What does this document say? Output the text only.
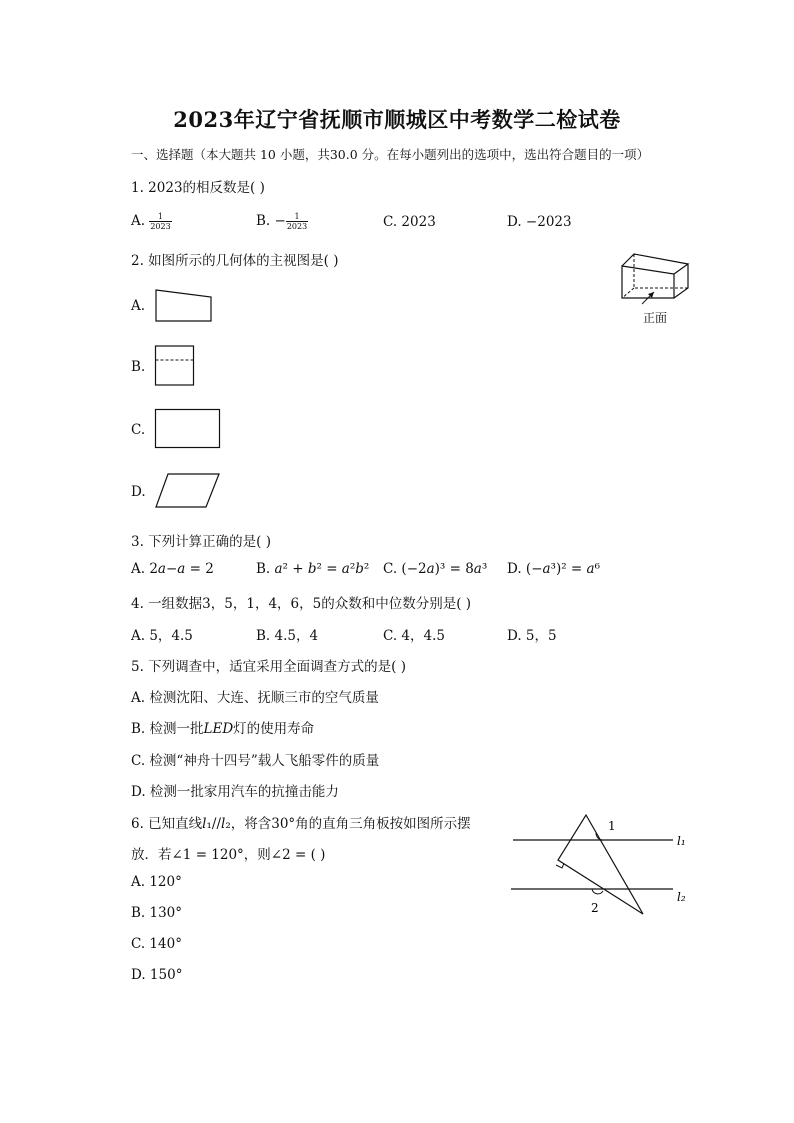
2023年辽宁省抚顺市顺城区中考数学二检试卷
一、选择题（本大题共 10 小题，共30.0 分。在每小题列出的选项中，选出符合题目的一项）
1. 2023的相反数是( )
A. $\frac{1}{2023}$	B. − $\frac{1}{2023}$	C. 2023	D. −2023
2. 如图所示的几何体的主视图是( )
正面
A.
B.
C.
D.
3. 下列计算正确的是( )
A. 2𝑎−𝑎 = 2	B. 𝑎² + 𝑏² = 𝑎²𝑏² C. (−2𝑎)³ = 8𝑎³ D. (−𝑎³)² = 𝑎⁶
4. 一组数据3，5，1，4，6，5的众数和中位数分别是( )
A. 5，4.5	B. 4.5，4	C. 4，4.5	D. 5，5
5. 下列调查中，适宜采用全面调查方式的是( )
A. 检测沈阳、大连、抚顺三市的空气质量
B. 检测一批𝐿𝐸𝐷灯的使用寿命
C. 检测“神舟十四号”载人飞船零件的质量
D. 检测一批家用汽车的抗撞击能力
6. 已知直线𝑙₁//𝑙₂，将含30°角的直角三角板按如图所示摆
放．若∠1 = 120°，则∠2 = ( )
A. 120°
B. 130°
C. 140°
D. 150°
1
2
l₁
l₂
